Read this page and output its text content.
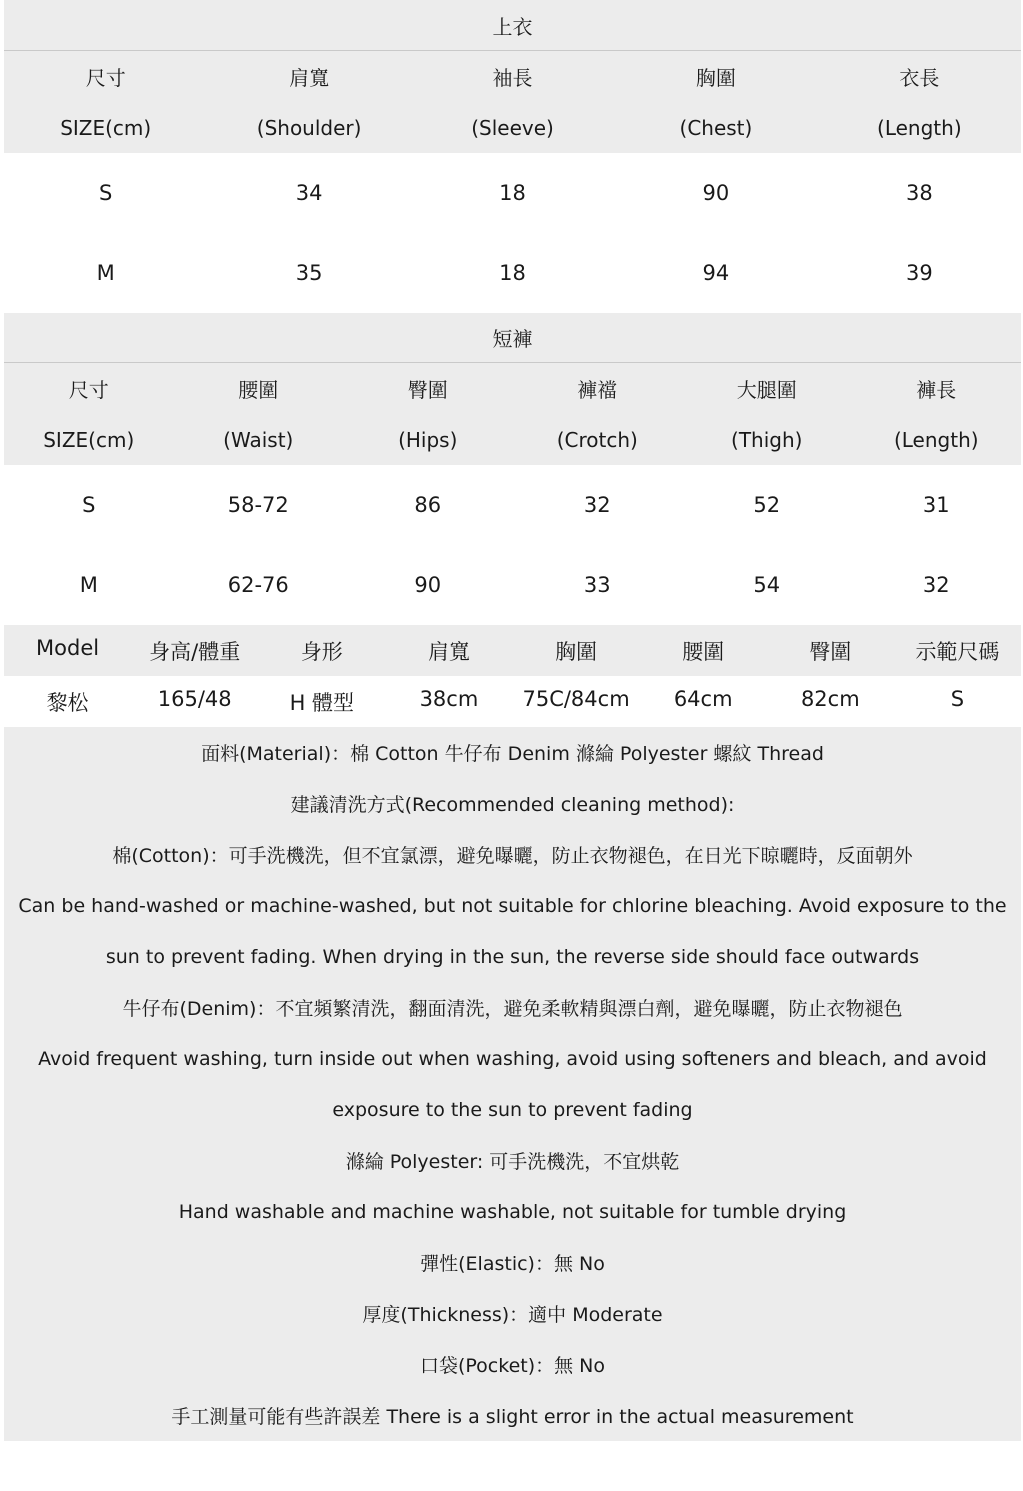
上衣
尺寸	肩寬	袖長	胸圍	衣長
SIZE(cm)	(Shoulder)	(Sleeve)	(Chest)	(Length)
S	34	18	90	38
M	35	18	94	39
短褲
尺寸	腰圍	臀圍	褲襠	大腿圍	褲長
SIZE(cm)	(Waist)	(Hips)	(Crotch)	(Thigh)	(Length)
S	58-72	86	32	52	31
M	62-76	90	33	54	32
Model	身高/體重	身形	肩寬	胸圍	腰圍	臀圍	示範尺碼
黎松	165/48	H 體型	38cm	75C/84cm	64cm	82cm	S
面料(Material)：棉 Cotton 牛仔布 Denim 滌綸 Polyester 螺紋 Thread
建議清洗方式(Recommended cleaning method):
棉(Cotton)：可手洗機洗，但不宜氯漂，避免曝曬，防止衣物褪色，在日光下晾曬時，反面朝外
Can be hand-washed or machine-washed, but not suitable for chlorine bleaching. Avoid exposure to the
sun to prevent fading. When drying in the sun, the reverse side should face outwards
牛仔布(Denim)：不宜頻繁清洗，翻面清洗，避免柔軟精與漂白劑，避免曝曬，防止衣物褪色
Avoid frequent washing, turn inside out when washing, avoid using softeners and bleach, and avoid
exposure to the sun to prevent fading
滌綸 Polyester: 可手洗機洗，不宜烘乾
Hand washable and machine washable, not suitable for tumble drying
彈性(Elastic)：無 No
厚度(Thickness)：適中 Moderate
口袋(Pocket)：無 No
手工測量可能有些許誤差 There is a slight error in the actual measurement
